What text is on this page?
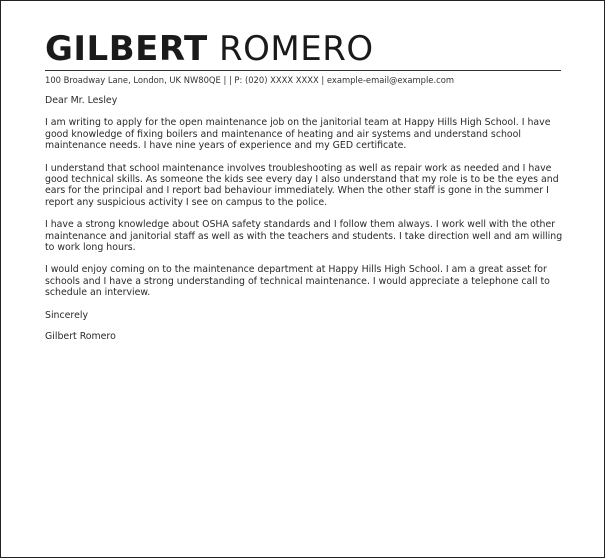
GILBERT ROMERO
100 Broadway Lane, London, UK NW80QE | | P: (020) XXXX XXXX | example-email@example.com

Dear Mr. Lesley

I am writing to apply for the open maintenance job on the janitorial team at Happy Hills High School. I have good knowledge of fixing boilers and maintenance of heating and air systems and understand school maintenance needs. I have nine years of experience and my GED certificate.

I understand that school maintenance involves troubleshooting as well as repair work as needed and I have good technical skills. As someone the kids see every day I also understand that my role is to be the eyes and ears for the principal and I report bad behaviour immediately. When the other staff is gone in the summer I report any suspicious activity I see on campus to the police.

I have a strong knowledge about OSHA safety standards and I follow them always. I work well with the other maintenance and janitorial staff as well as with the teachers and students. I take direction well and am willing to work long hours.

I would enjoy coming on to the maintenance department at Happy Hills High School. I am a great asset for schools and I have a strong understanding of technical maintenance. I would appreciate a telephone call to schedule an interview.

Sincerely

Gilbert Romero
